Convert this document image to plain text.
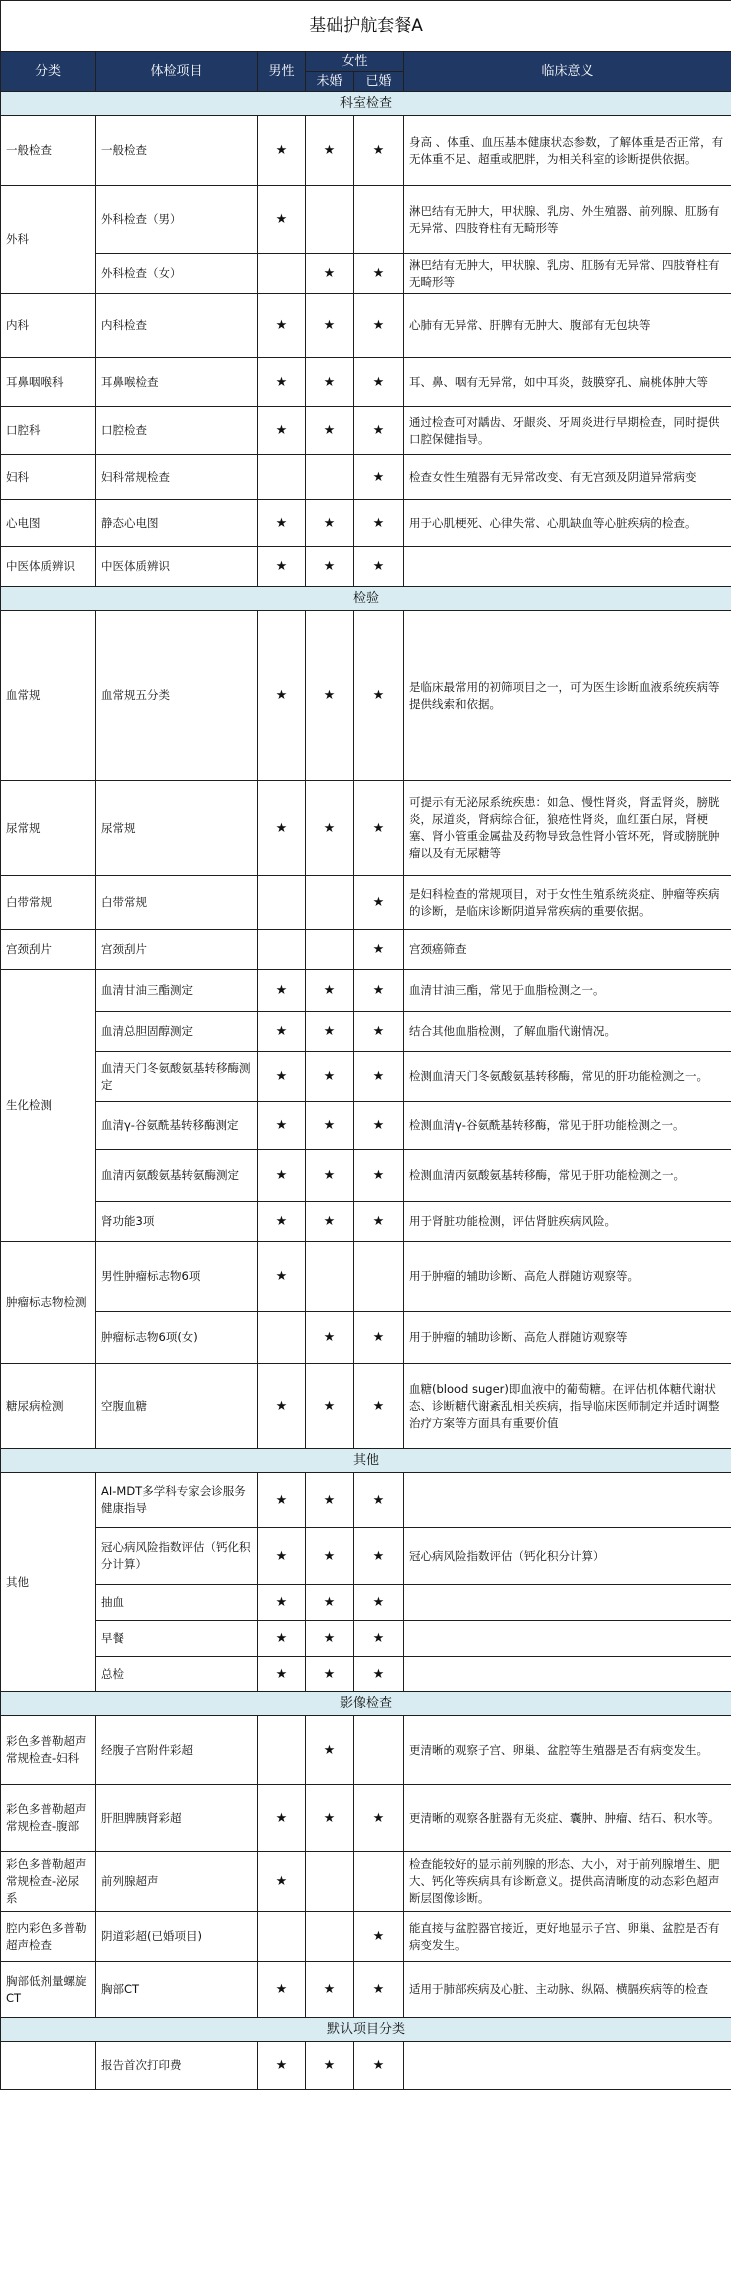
基础护航套餐A					
分类	体检项目	男性	女性		临床意义
			未婚	已婚	
科室检查					
一般检查	一般检查	★	★	★	身高 、体重、血压基本健康状态参数，了解体重是否正常，有无体重不足、超重或肥胖，为相关科室的诊断提供依据。
外科	外科检查（男）	★			淋巴结有无肿大，甲状腺、乳房、外生殖器、前列腺、肛肠有无异常、四肢脊柱有无畸形等
	外科检查（女）		★	★	淋巴结有无肿大，甲状腺、乳房、肛肠有无异常、四肢脊柱有无畸形等
内科	内科检查	★	★	★	心肺有无异常、肝脾有无肿大、腹部有无包块等
耳鼻咽喉科	耳鼻喉检查	★	★	★	耳、鼻、咽有无异常，如中耳炎，鼓膜穿孔、扁桃体肿大等
口腔科	口腔检查	★	★	★	通过检查可对龋齿、牙龈炎、牙周炎进行早期检查，同时提供口腔保健指导。
妇科	妇科常规检查			★	检查女性生殖器有无异常改变、有无宫颈及阴道异常病变
心电图	静态心电图	★	★	★	用于心肌梗死、心律失常、心肌缺血等心脏疾病的检查。
中医体质辨识	中医体质辨识	★	★	★	
检验					
血常规	血常规五分类	★	★	★	是临床最常用的初筛项目之一，可为医生诊断血液系统疾病等提供线索和依据。
尿常规	尿常规	★	★	★	可提示有无泌尿系统疾患：如急、慢性肾炎，肾盂肾炎，膀胱炎，尿道炎，肾病综合征，狼疮性肾炎，血红蛋白尿，肾梗塞、肾小管重金属盐及药物导致急性肾小管坏死，肾或膀胱肿瘤以及有无尿糖等
白带常规	白带常规			★	是妇科检查的常规项目，对于女性生殖系统炎症、肿瘤等疾病的诊断，是临床诊断阴道异常疾病的重要依据。
宫颈刮片	宫颈刮片			★	宫颈癌筛查
生化检测	血清甘油三酯测定	★	★	★	血清甘油三酯，常见于血脂检测之一。
	血清总胆固醇测定	★	★	★	结合其他血脂检测，了解血脂代谢情况。
	血清天门冬氨酸氨基转移酶测定	★	★	★	检测血清天门冬氨酸氨基转移酶，常见的肝功能检测之一。
	血清γ-谷氨酰基转移酶测定	★	★	★	检测血清γ-谷氨酰基转移酶，常见于肝功能检测之一。
	血清丙氨酸氨基转氨酶测定	★	★	★	检测血清丙氨酸氨基转移酶，常见于肝功能检测之一。
	肾功能3项	★	★	★	用于肾脏功能检测，评估肾脏疾病风险。
肿瘤标志物检测	男性肿瘤标志物6项	★			用于肿瘤的辅助诊断、高危人群随访观察等。
	肿瘤标志物6项(女)		★	★	用于肿瘤的辅助诊断、高危人群随访观察等
糖尿病检测	空腹血糖	★	★	★	血糖(blood suger)即血液中的葡萄糖。在评估机体糖代谢状态、诊断糖代谢紊乱相关疾病，指导临床医师制定并适时调整治疗方案等方面具有重要价值
其他					
其他	AI-MDT多学科专家会诊服务健康指导	★	★	★	
	冠心病风险指数评估（钙化积分计算）	★	★	★	冠心病风险指数评估（钙化积分计算）
	抽血	★	★	★	
	早餐	★	★	★	
	总检	★	★	★	
影像检查					
彩色多普勒超声常规检查-妇科	经腹子宫附件彩超		★		更清晰的观察子宫、卵巢、盆腔等生殖器是否有病变发生。
彩色多普勒超声常规检查-腹部	肝胆脾胰肾彩超	★	★	★	更清晰的观察各脏器有无炎症、囊肿、肿瘤、结石、积水等。
彩色多普勒超声常规检查-泌尿系	前列腺超声	★			检查能较好的显示前列腺的形态、大小，对于前列腺增生、肥大、钙化等疾病具有诊断意义。提供高清晰度的动态彩色超声断层图像诊断。
腔内彩色多普勒超声检查	阴道彩超(已婚项目)			★	能直接与盆腔器官接近，更好地显示子宫、卵巢、盆腔是否有病变发生。
胸部低剂量螺旋CT	胸部CT	★	★	★	适用于肺部疾病及心脏、主动脉、纵隔、横膈疾病等的检查
默认项目分类					
	报告首次打印费	★	★	★	
